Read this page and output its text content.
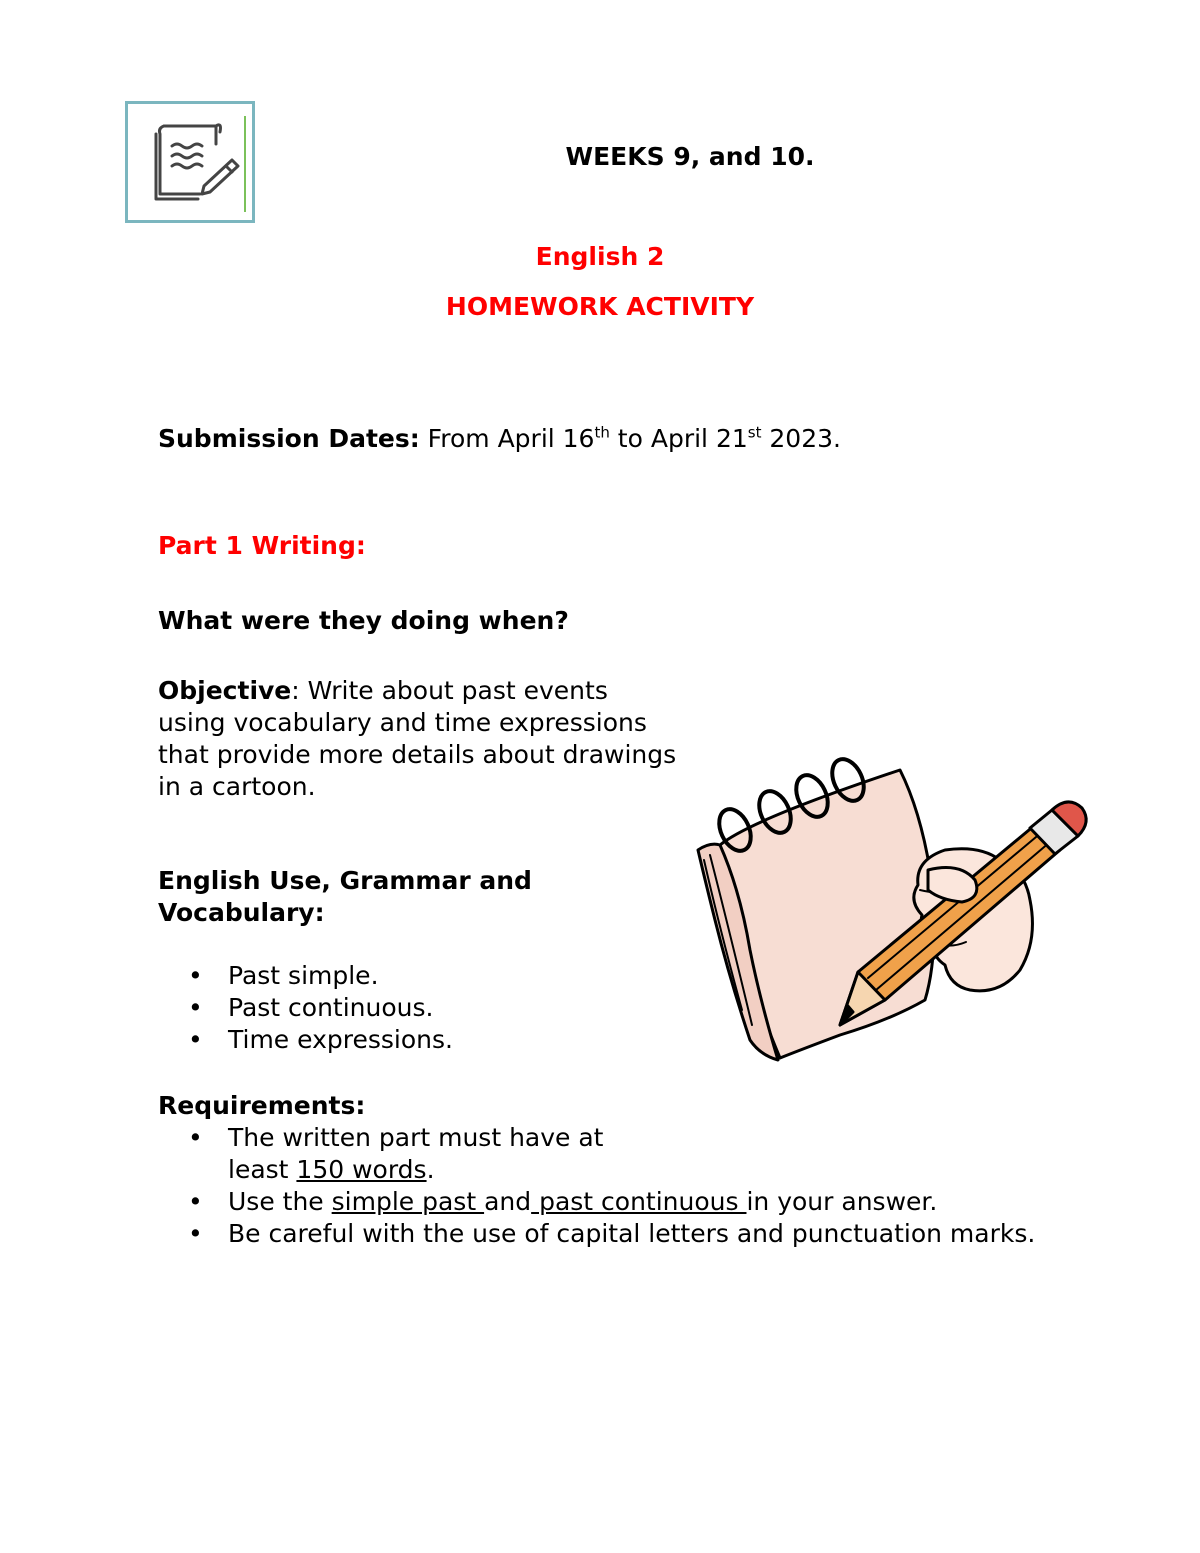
WEEKS 9, and 10.
English 2
HOMEWORK ACTIVITY
Submission Dates: From April 16th to April 21st 2023.
Part 1 Writing:
What were they doing when?
Objective: Write about past events using vocabulary and time expressions that provide more details about drawings in a cartoon.
English Use, Grammar and Vocabulary:
• Past simple.
• Past continuous.
• Time expressions.
Requirements:
• The written part must have at least 150 words.
• Use the simple past and past continuous in your answer.
• Be careful with the use of capital letters and punctuation marks.
